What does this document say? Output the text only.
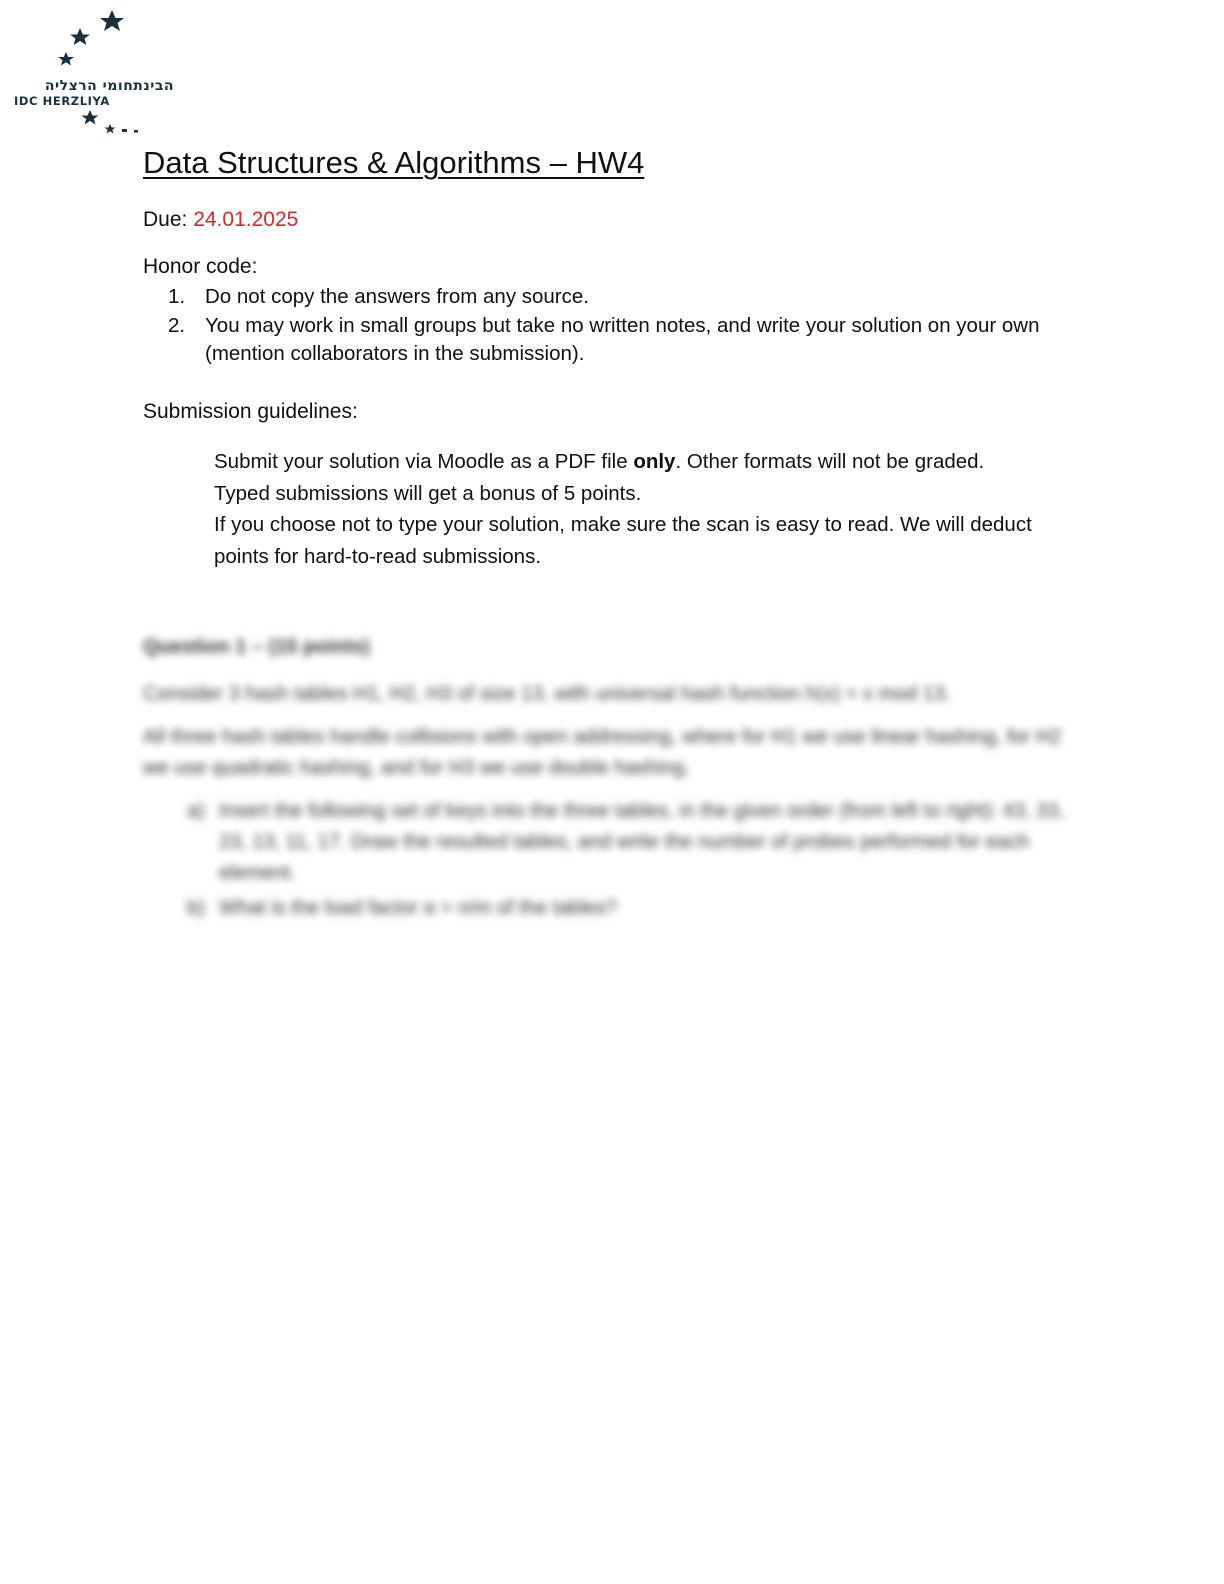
הבינתחומי הרצליה
IDC HERZLIYA
Data Structures & Algorithms – HW4
Due: 24.01.2025
Honor code:
1. Do not copy the answers from any source.
2. You may work in small groups but take no written notes, and write your solution on your own (mention collaborators in the submission).
Submission guidelines:

Submit your solution via Moodle as a PDF file only. Other formats will not be graded.

Typed submissions will get a bonus of 5 points.

If you choose not to type your solution, make sure the scan is easy to read. We will deduct points for hard-to-read submissions.

Question 1 – (15 points)

Consider 3 hash tables H1, H2, H3 of size 13, with universal hash function h(x) = x mod 13.

All three hash tables handle collisions with open addressing, where for H1 we use linear hashing, for H2 we use quadratic hashing, and for H3 we use double hashing.

a) Insert the following set of keys into the three tables, in the given order (from left to right): 43, 33, 23, 13, 11, 17. Draw the resulted tables, and write the number of probes performed for each element.
b) What is the load factor α = n/m of the tables?
